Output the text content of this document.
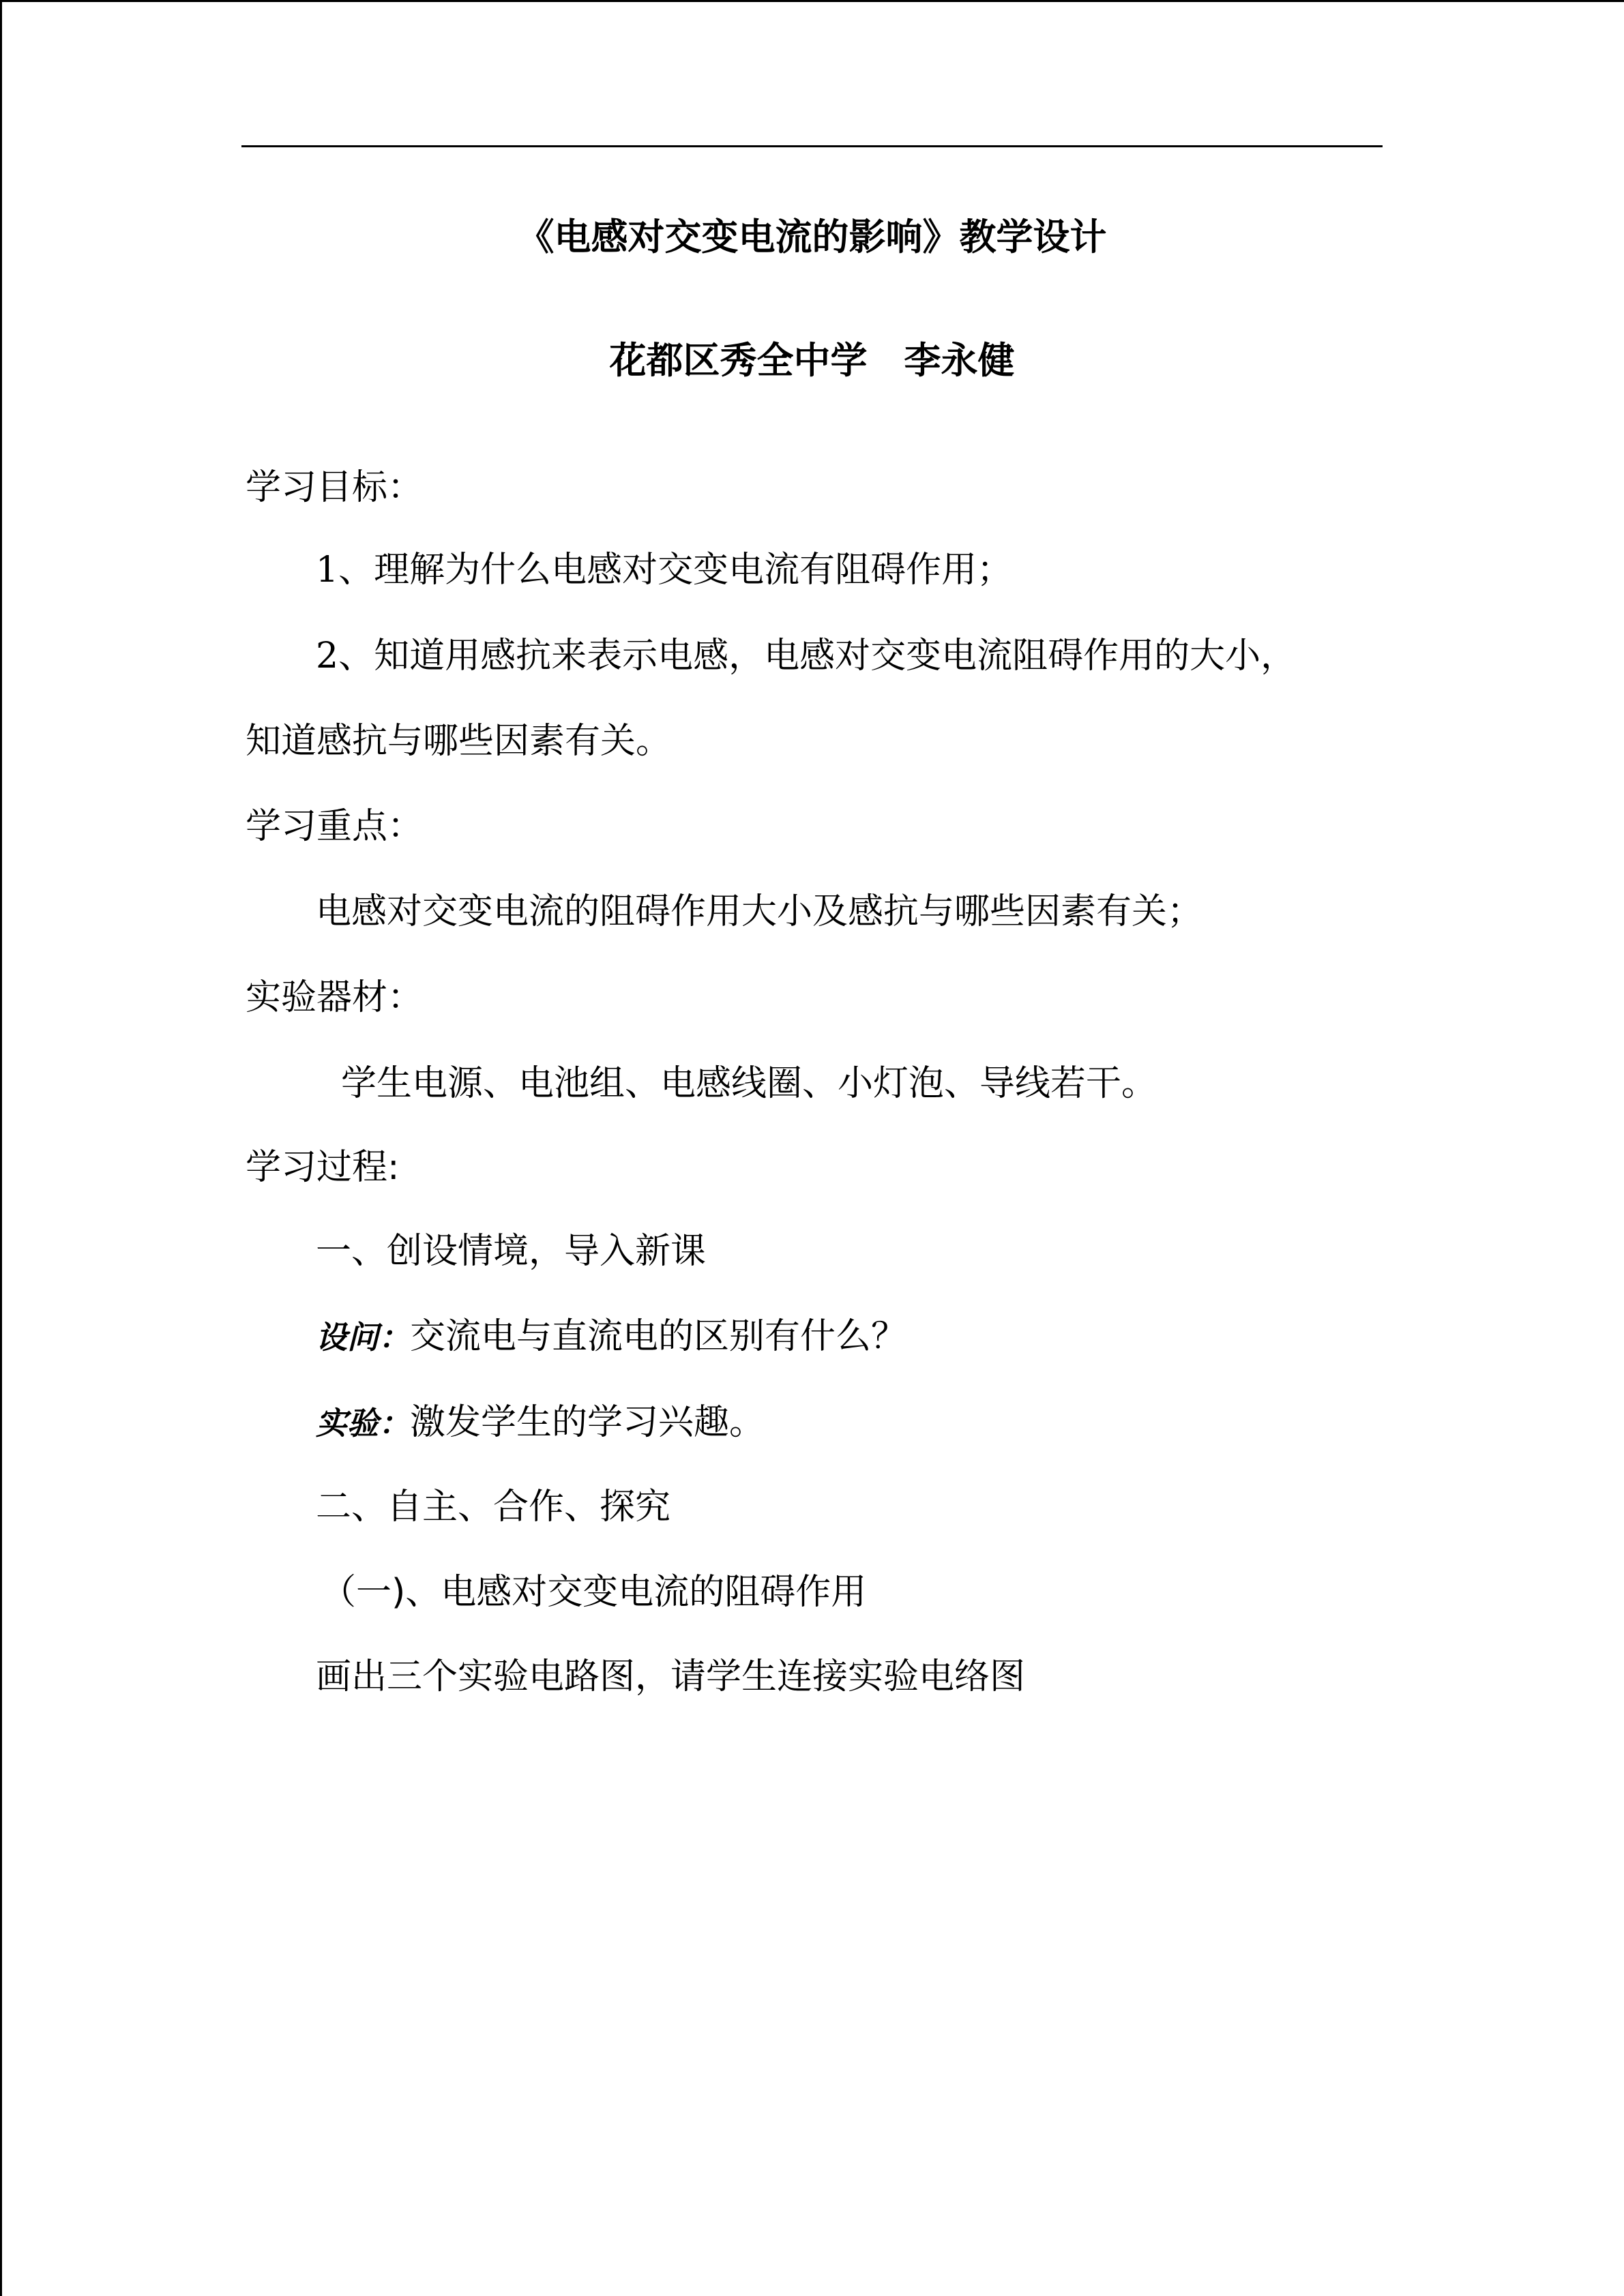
《电感对交变电流的影响》教学设计
花都区秀全中学　李永健
学习目标：
1、理解为什么电感对交变电流有阻碍作用；
2、知道用感抗来表示电感，电感对交变电流阻碍作用的大小，
知道感抗与哪些因素有关。
学习重点：
电感对交变电流的阻碍作用大小及感抗与哪些因素有关；
实验器材：
学生电源、电池组、电感线圈、小灯泡、导线若干。
学习过程:
一、创设情境，导入新课
设问：交流电与直流电的区别有什么？
实验：激发学生的学习兴趣。
二、自主、合作、探究
（一)、电感对交变电流的阻碍作用
画出三个实验电路图，请学生连接实验电络图
